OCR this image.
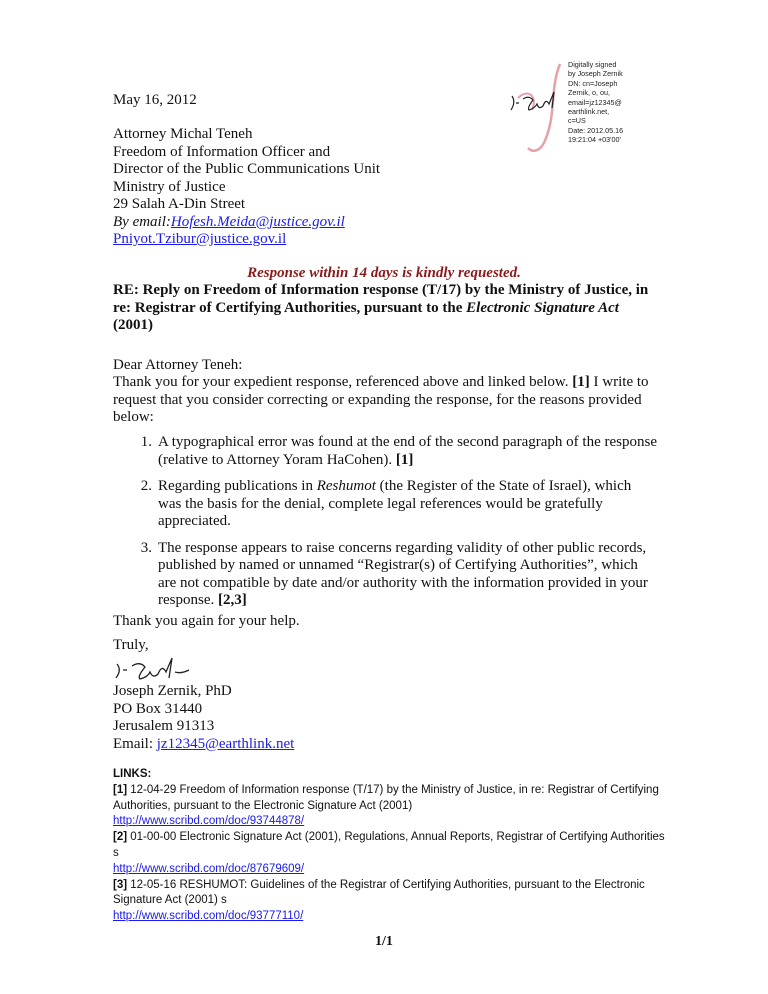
Digitally signed
by Joseph Zernik
DN: cn=Joseph
Zernik, o, ou,
email=jz12345@
earthlink.net,
c=US
Date: 2012.05.16
19:21:04 +03'00'
May 16, 2012
Attorney Michal Teneh
Freedom of Information Officer and
Director of the Public Communications Unit
Ministry of Justice
29 Salah A-Din Street
By email:Hofesh.Meida@justice.gov.il
Pniyot.Tzibur@justice.gov.il
Response within 14 days is kindly requested.
RE: Reply on Freedom of Information response (T/17) by the Ministry of Justice, in re: Registrar of Certifying Authorities, pursuant to the Electronic Signature Act (2001)
Dear Attorney Teneh:
Thank you for your expedient response, referenced above and linked below. [1] I write to request that you consider correcting or expanding the response, for the reasons provided below:
1. A typographical error was found at the end of the second paragraph of the response (relative to Attorney Yoram HaCohen). [1]
2. Regarding publications in Reshumot (the Register of the State of Israel), which was the basis for the denial, complete legal references would be gratefully appreciated.
3. The response appears to raise concerns regarding validity of other public records, published by named or unnamed “Registrar(s) of Certifying Authorities”, which are not compatible by date and/or authority with the information provided in your response. [2,3]
Thank you again for your help.
Truly,
Joseph Zernik, PhD
PO Box 31440
Jerusalem 91313
Email: jz12345@earthlink.net
LINKS:
[1] 12-04-29 Freedom of Information response (T/17) by the Ministry of Justice, in re: Registrar of Certifying Authorities, pursuant to the Electronic Signature Act (2001)
http://www.scribd.com/doc/93744878/
[2] 01-00-00 Electronic Signature Act (2001), Regulations, Annual Reports, Registrar of Certifying Authorities s
http://www.scribd.com/doc/87679609/
[3] 12-05-16 RESHUMOT: Guidelines of the Registrar of Certifying Authorities, pursuant to the Electronic Signature Act (2001) s
http://www.scribd.com/doc/93777110/
1/1
